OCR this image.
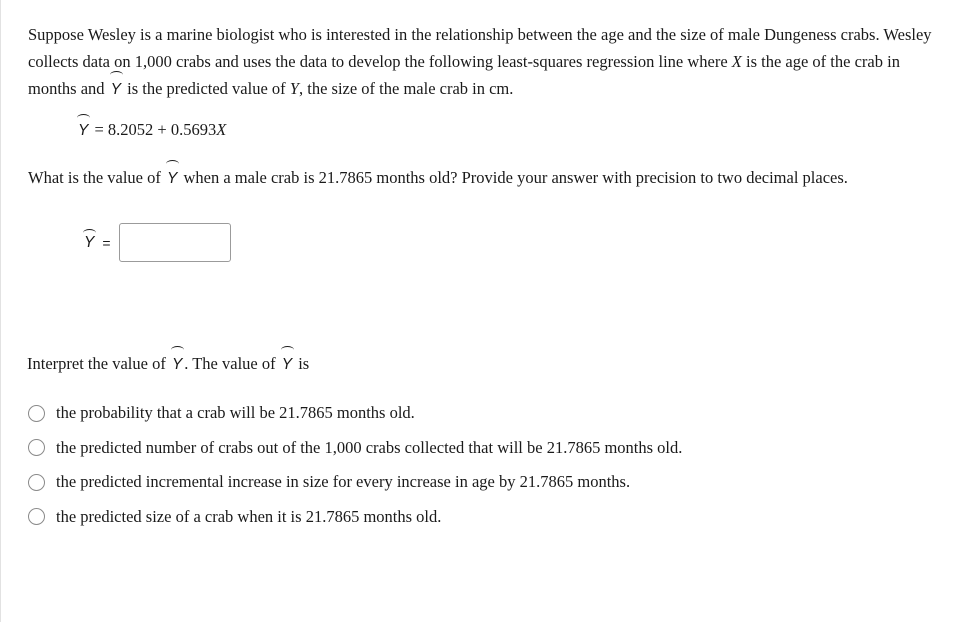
Suppose Wesley is a marine biologist who is interested in the relationship between the age and the size of male Dungeness crabs. Wesley collects data on 1,000 crabs and uses the data to develop the following least-squares regression line where X is the age of the crab in months and Y is the predicted value of Y, the size of the male crab in cm.
Y = 8.2052 + 0.5693X
What is the value of Y when a male crab is 21.7865 months old? Provide your answer with precision to two decimal places.
Y =
Interpret the value of Y . The value of Y is
the probability that a crab will be 21.7865 months old.
the predicted number of crabs out of the 1,000 crabs collected that will be 21.7865 months old.
the predicted incremental increase in size for every increase in age by 21.7865 months.
the predicted size of a crab when it is 21.7865 months old.
